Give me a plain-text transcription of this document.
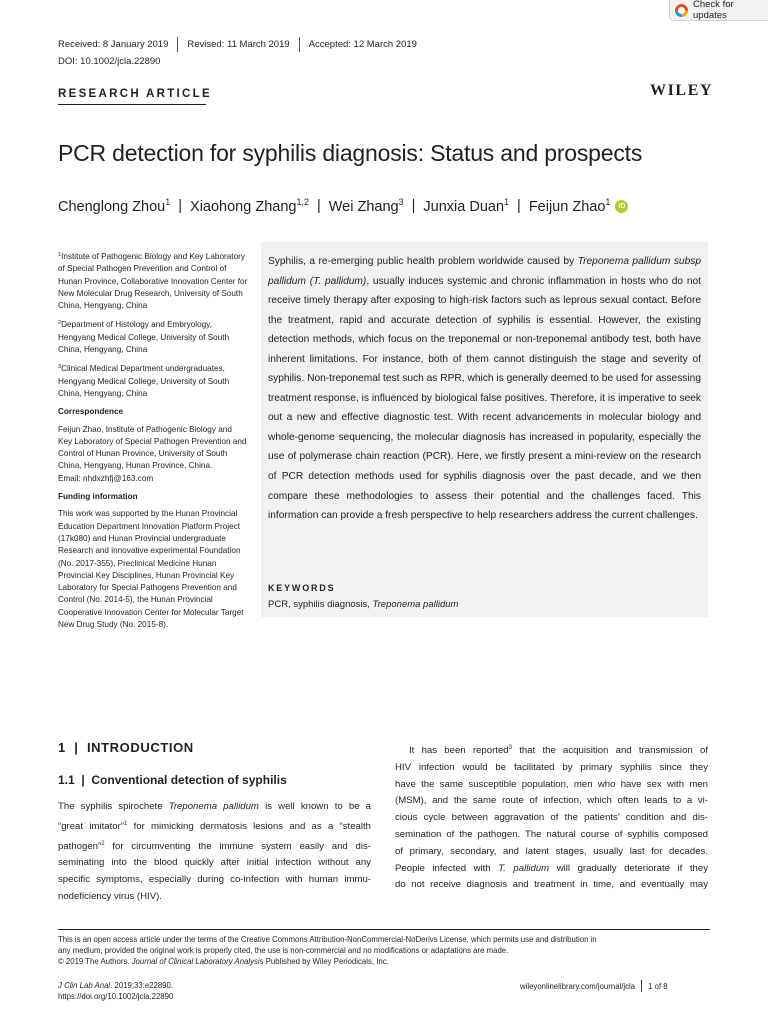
Check for updates
Received: 8 January 2019 Revised: 11 March 2019 Accepted: 12 March 2019
DOI: 10.1002/jcla.22890
RESEARCH ARTICLE	WILEY
PCR detection for syphilis diagnosis: Status and prospects
Chenglong Zhou$^1$ | Xiaohong Zhang$^{1,2}$ | Wei Zhang$^3$ | Junxia Duan$^1$ | Feijun Zhao$^1$	iD

$^1$Institute of Pathogenic Biology and Key Laboratory of Special Pathogen Prevention and Control of Hunan Province, Collaborative Innovation Center for New Molecular Drug Research, University of South China, Hengyang, China

$^2$Department of Histology and Embryology, Hengyang Medical College, University of South China, Hengyang, China

$^3$Clinical Medical Department undergraduates, Hengyang Medical College, University of South China, Hengyang, China

Correspondence

Feijun Zhao, Institute of Pathogenic Biology and Key Laboratory of Special Pathogen Prevention and Control of Hunan Province, University of South China, Hengyang, Hunan Province, China.

Email: nhdxzhfj@163.com

Funding information

This work was supported by the Hunan Provincial Education Department Innovation Platform Project (17k080) and Hunan Provincial undergraduate Research and innovative experimental Foundation (No. 2017-355), Preclinical Medicine Hunan Provincial Key Disciplines, Hunan Provincial Key Laboratory for Special Pathogens Prevention and Control (No. 2014-5), the Hunan Provincial Cooperative Innovation Center for Molecular Target New Drug Study (No. 2015-8).

Syphilis, a re-emerging public health problem worldwide caused by Treponema pallidum subsp pallidum (T. pallidum), usually induces systemic and chronic inflammation in hosts who do not receive timely therapy after exposing to high-risk factors such as leprous sexual contact. Before the treatment, rapid and accurate detection of syphilis is essential. However, the existing detection methods, which focus on the treponemal or non-treponemal antibody test, both have inherent limitations. For instance, both of them cannot distinguish the stage and severity of syphilis. Non-treponemal test such as RPR, which is generally deemed to be used for assessing treatment response, is influenced by biological false positives. Therefore, it is imperative to seek out a new and effective diagnostic test. With recent advancements in molecular biology and whole-genome sequencing, the molecular diagnosis has increased in popularity, especially the use of polymerase chain reaction (PCR). Here, we firstly present a mini-review on the research of PCR detection methods used for syphilis diagnosis over the past decade, and we then compare these methodologies to assess their potential and the challenges faced. This information can provide a fresh perspective to help researchers address the current challenges.
KEYWORDS
PCR, syphilis diagnosis, Treponema pallidum
1  |  INTRODUCTION
1.1  |  Conventional detection of syphilis
The syphilis spirochete Treponema pallidum is well known to be a
“great imitator”$^1$ for mimicking dermatosis lesions and as a “stealth
pathogen”$^2$ for circumventing the immune system easily and dis-
seminating into the blood quickly after initial infection without any
specific symptoms, especially during co-infection with human immu-
nodeficiency virus (HIV).
It has been reported$^3$ that the acquisition and transmission of
HIV infection would be facilitated by primary syphilis since they
have the same susceptible population, men who have sex with men
(MSM), and the same route of infection, which often leads to a vi-
cious cycle between aggravation of the patients’ condition and dis-
semination of the pathogen. The natural course of syphilis composed
of primary, secondary, and latent stages, usually last for decades.
People infected with T. pallidum will gradually deteriorate if they
do not receive diagnosis and treatment in time, and eventually may
This is an open access article under the terms of the Creative Commons Attribution-NonCommercial-NoDerivs License, which permits use and distribution in
any medium, provided the original work is properly cited, the use is non-commercial and no modifications or adaptations are made.
© 2019 The Authors. Journal of Clinical Laboratory Analysis Published by Wiley Periodicals, Inc.
J Clin Lab Anal. 2019;33:e22890.
https://doi.org/10.1002/jcla.22890
wileyonlinelibrary.com/journal/jcla 1 of 8
